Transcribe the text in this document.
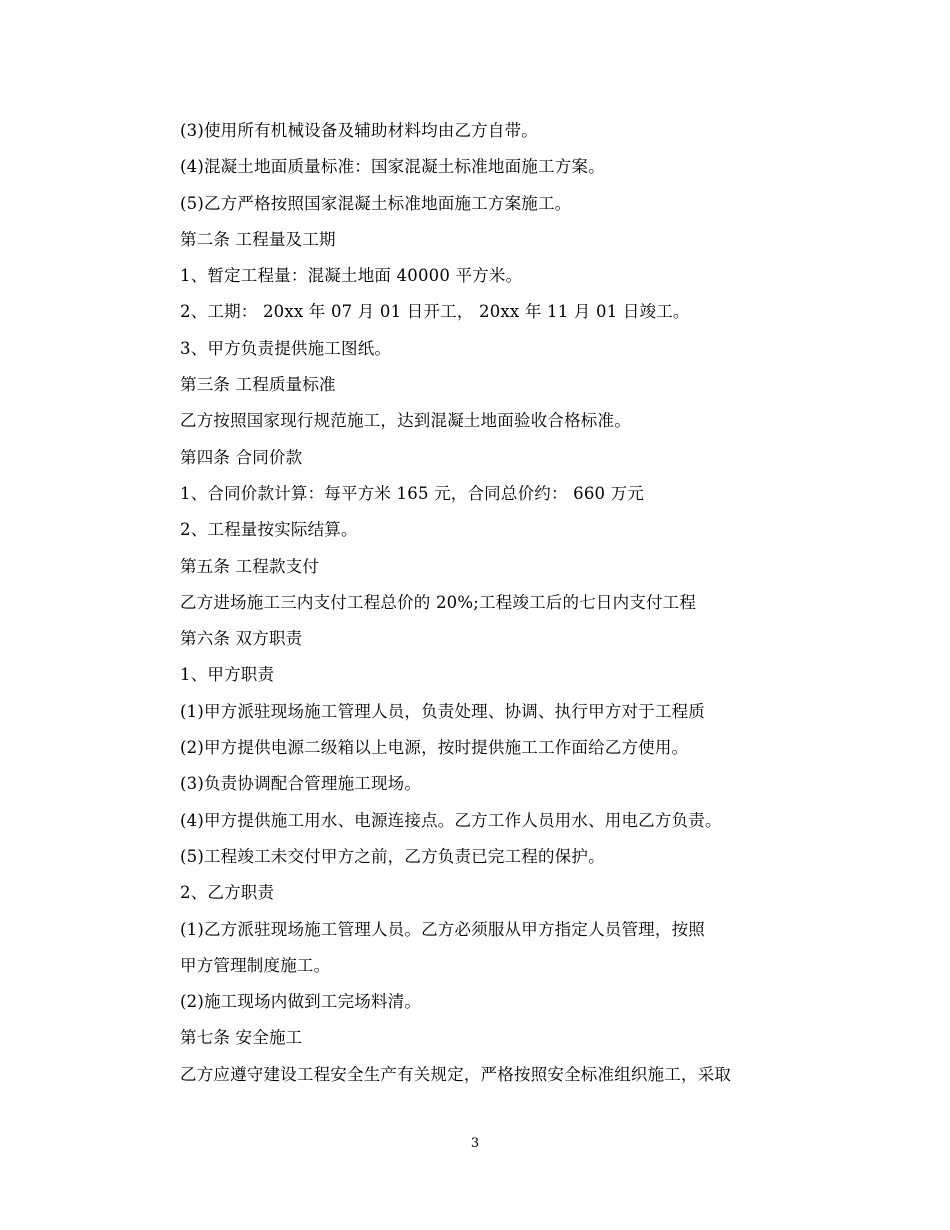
(3)使用所有机械设备及辅助材料均由乙方自带。
(4)混凝土地面质量标准：国家混凝土标准地面施工方案。
(5)乙方严格按照国家混凝土标准地面施工方案施工。
第二条 工程量及工期
1、暂定工程量：混凝土地面 40000 平方米。
2、工期： 20xx 年 07 月 01 日开工， 20xx 年 11 月 01 日竣工。
3、甲方负责提供施工图纸。
第三条 工程质量标准
乙方按照国家现行规范施工，达到混凝土地面验收合格标准。
第四条 合同价款
1、合同价款计算：每平方米 165 元，合同总价约： 660 万元
2、工程量按实际结算。
第五条 工程款支付
乙方进场施工三内支付工程总价的 20%;工程竣工后的七日内支付工程
第六条 双方职责
1、甲方职责
(1)甲方派驻现场施工管理人员，负责处理、协调、执行甲方对于工程质
(2)甲方提供电源二级箱以上电源，按时提供施工工作面给乙方使用。
(3)负责协调配合管理施工现场。
(4)甲方提供施工用水、电源连接点。乙方工作人员用水、用电乙方负责。
(5)工程竣工未交付甲方之前，乙方负责已完工程的保护。
2、乙方职责
(1)乙方派驻现场施工管理人员。乙方必须服从甲方指定人员管理，按照
甲方管理制度施工。
(2)施工现场内做到工完场料清。
第七条 安全施工
乙方应遵守建设工程安全生产有关规定，严格按照安全标准组织施工，采取
3
